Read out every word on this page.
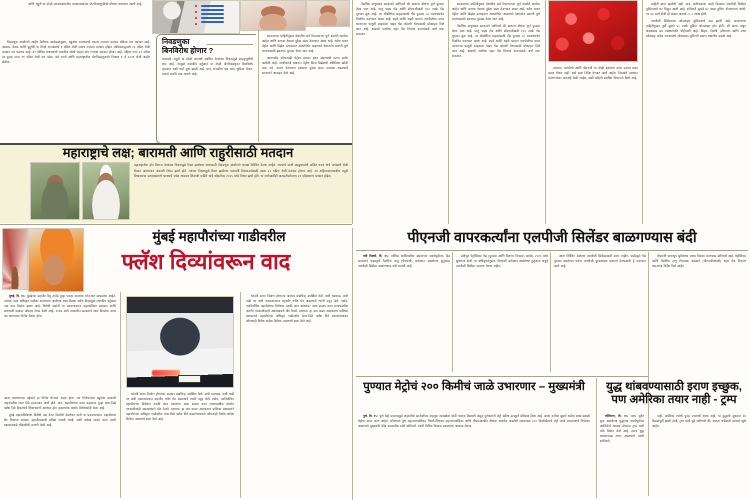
आणि राहुरी या दोन्ही मतदारसंघातील मतदारसंघांच्या पोटनिवडणुकीची घोषणा करण्यात आली आहे.

निवडणूक आयोगाने जाहीर केलेल्या कार्यक्रमानुसार, बहुतांश राज्यांमध्ये एकाच टप्प्यात मतदान प्रक्रिया पार पडणार आहे. आसाम, केरळ आणि पुद्दुचेरी या तिन्ही राज्यांमध्ये १ एप्रिल रोजी एकाच टप्प्यात मतदान होईल. तामिळनाडूमध्ये २२ एप्रिल रोजी मतदान पार पडणार आहे. तर पश्चिम बंगालमध्ये राजकीय संघर्ष पाहता दोन टप्प्यांत मतदान होणार आहे. पहिला टप्पा २२ एप्रिल तर दुसरा टप्पा २९ एप्रिल रोजी पार पडेल. सर्व राज्ये आणि महाराष्ट्रातील पोटनिवडणुकांचे निकाल ६ मे २०२६ रोजी जाहीर होतील.

निवडणुका
बिनविरोध होणार ?
बारामती, राहुरी या दोन्ही जागांशी संबंधित नेत्यांच्या निधनामुळे सहानुभूतीची लाट आहे. त्यामुळे राजकीय वर्तुळात या दोन्ही पोटनिवडणुका बिनविरोध व्हाव्यात अशी चर्चा सुरू झाली आहे. मात्र, राजकीय पक्ष काय भूमिका घेतात, याकडे सर्वांचे लक्ष लागले आहे.

सरकारच्या माहितीनुसार देशातील सर्व रिफायनऱ्या पूर्ण क्षमतेने कार्यरत आहेत आणि कच्च्या तेलाचा पुरेसा साठा ठेवण्यात आला आहे. तसेच भारत पेट्रोल आणि डिझेल उत्पादनात आत्मनिर्भर असल्याने देशांतर्गत मागणी पूर्ण करण्यासाठी इंधनाचा पुरवठा केला जात आहे.

आतापर्यंत कोणत्याही पेट्रोल पंपावर इंधन संपल्याची घटना समोर आलेली नाही. नागरिकांनी घाबरून पेट्रोल किंवा डिझेलची अतिरिक्त खरेदी करू नये, कारण देशभरात इंधनाचा पुरेसा साठा उपलब्ध असल्याचे सरकारने आवाहन केले आहे.

नैसर्गिक वायूबाबत सरकारने सांगितले की प्राधान्य क्षेत्रांना पूर्ण पुरवठा केला जात आहे. परंतु पाइप गॅस आणि सीएनजीसाठी १०० टक्के गॅस पुरवठा सुरू आहे, तर औद्योगिक ग्राहकांसाठी गॅस पुरवठा ८० टक्क्यांपर्यंत नियंत्रित करण्यात आला आहे. शहरे आणि शहरी भागात एलपीजीचा वापर करणाऱ्या घरगुती ग्राहकांना पाइप गॅस जोडणी घेण्यासाठी प्रोत्साहन दिले जात आहे. यासाठी नागरिक शहर गॅस वितरण कंपन्यांकडे अर्ज करू शकतात.

सरकारच्या माहितीनुसार देशातील सर्व रिफायनऱ्या पूर्ण क्षमतेने कार्यरत आहेत आणि कच्च्या तेलाचा पुरेसा साठा ठेवण्यात आला आहे. तसेच भारत पेट्रोल आणि डिझेल उत्पादनात आत्मनिर्भर असल्याने देशांतर्गत मागणी पूर्ण करण्यासाठी इंधनाचा पुरवठा केला जात आहे.

नैसर्गिक वायूबाबत सरकारने सांगितले की प्राधान्य क्षेत्रांना पूर्ण पुरवठा केला जात आहे. परंतु पाइप गॅस आणि सीएनजीसाठी १०० टक्के गॅस पुरवठा सुरू आहे, तर औद्योगिक ग्राहकांसाठी गॅस पुरवठा ८० टक्क्यांपर्यंत नियंत्रित करण्यात आला आहे. शहरे आणि शहरी भागात एलपीजीचा वापर करणाऱ्या घरगुती ग्राहकांना पाइप गॅस जोडणी घेण्यासाठी प्रोत्साहन दिले जात आहे. यासाठी नागरिक शहर गॅस वितरण कंपन्यांकडे अर्ज करू शकतात.

दरम्यान, एलपीजी आणि पीएनजी या दोन्ही इंधनांचा वापर एकाच घरात करता येणार नाही, असे स्पष्ट निर्देश देण्यात आले आहेत. नियमांचे उल्लंघन करणाऱ्यांवर कारवाई केली जाईल, अशी माहिती संबंधित विभागाने दिली आहे.

माहिती प्राप्त झालेली नाही. मात्र, अलीकडच्या काही दिवसांत एलपीजी सिलेंडर बुकिंगमध्ये घट दिसून आली आहे. शनिवारी सुमारे ७८ लाख बुकिंग नोंदवण्यात आली, तर १२ मार्च रोजी ही संख्या अंदाजे ८८.८ लाख होती.

एलपीजी सिलेंडरच्या ऑनलाइन बुकिंगमध्ये वाढ झाली आहे. सरकारच्या माहितीनुसार पूर्वी सुमारे ५८ टक्के बुकिंग ऑनलाइन होत होती, जी आता वाढून जवळपास ७७ टक्क्यांपर्यंत पोहोचली आहे. बिहार, दिल्ली, हरियाणा आणि उत्तर प्रदेशसह अनेक राज्यांमध्ये ऑनलाइन बुकिंगचे प्रमाण लक्षणीय वाढले आहे.

महाराष्ट्राचे लक्ष; बारामती आणि राहुरीसाठी मतदान
महाराष्ट्रातील दोन दिग्गज नेत्यांच्या निधनामुळे रिक्त झालेल्या जागांसाठी निवडणूक आयोगाने तारखा निश्चित केल्या आहेत. राज्याचे माजी उपमुख्यमंत्री अजित पवार यांचे जानेवारी रोजी विमान अपघातात अकाली निधन झाले होते. त्यांच्या निधनामुळे रिक्त झालेल्या बारामती विधानसभेसाठी आता २२ एप्रिल रोजी मतदान होणार आहे. तर अहिल्यानगरमधील राहुरी विधानसभा मतदारसंघाचे भाजपचे ज्येष्ठ आमदार शिवाजी कर्डिले यांचे ऑक्टोबर २०२५ मध्ये निधन झाले होते. या जागेसाठीही बारामतीसोबतच २२ एप्रिललाच मतदान होईल.
मुंबई महापौरांच्या गाडीवरील
फ्लॅश दिव्यांवरून वाद

मुंबई, दि. १५: मुंबईच्या महापौर रितू तावडे पुन्हा एकदा वादाच्या भोवऱ्यात सापडल्या आहेत. त्यांच्या नव्या अधिकृत गाडीवर लावण्यात आलेल्या लाल-निळ्या फ्लॅश दिव्यांमुळे राजकीय वर्तुळात नवा वाद निर्माण झाला आहे. विरोधी पक्षांनी या प्रकरणावरून महापालिका प्रशासन आणि सत्ताधारी पक्षावर जोरदार टीका केली आहे. २०१७ मध्ये तत्कालीन सरकारने लाल दिव्यांचा वापर बंद करण्याचा निर्णय घेतला होता.

भोवती सतत निर्माण होणाऱ्या वादांवर प्रश्नचिन्ह उपस्थित केले. कधी घडचाळ, कधी गाडी तर कधी वक्तव्यांवरून महापौर चर्चेत येत असल्याचे त्यांनी नमूद केले. तसेच, नवनिर्वाचित महापौरांच्या विरोधात नक्की काय चाललंय? अशा सवाल करत भाजपमधील अंतर्गत गटबाजीवरही अप्रत्यक्षपणे बोट ठेवले. दरम्यान, हा वाद वाढत असतानाच पालिका प्रशासनाने महापौरांच्या अधिकृत गाडीवरील लाल-निळे फ्लॅश दिवे बसवण्याबाबत कोणताही विशेष आदेश दिलेला नसल्याचे स्पष्ट केले आहे.
भोवती सतत निर्माण होणाऱ्या वादांवर प्रश्नचिन्ह उपस्थित केले. कधी घडचाळ, कधी गाडी तर कधी वक्तव्यांवरून महापौर चर्चेत येत असल्याचे त्यांनी नमूद केले. तसेच, नवनिर्वाचित महापौरांच्या विरोधात नक्की काय चाललंय? अशा सवाल करत भाजपमधील अंतर्गत गटबाजीवरही अप्रत्यक्षपणे बोट ठेवले. दरम्यान, हा वाद वाढत असतानाच पालिका प्रशासनाने महापौरांच्या अधिकृत गाडीवरील लाल-निळे फ्लॅश दिवे बसवण्याबाबत कोणताही विशेष आदेश दिलेला नसल्याचे स्पष्ट केले आहे.

आता घालण्याच्या उद्देशाने हा निर्णय घेण्यात आला होता. त्या निर्णयानंतर बहुतांश सरकारी वाहनांवरील लाल दिवे हटवण्यात आले होते. मात्र, महापौरांच्या नव्या वाहनावर पुन्हा लाल-निळे फ्लॅश दिवे दिसल्याने शिष्टाचाराचे उल्लंघन होत असल्याचा आरोप विरोधकांनी केला आहे.

मुंबई महापालिकेच्या विरोधी पक्ष नेत्या किशोरी पेडणेकर यांनी या प्रकरणावरून महापौरांवर थेट निशाणा साधला. महापौरपदाची प्रतिष्ठा जपली जावी, अशी अपेक्षा व्यक्त करत त्यांनी प्रशासनाकडे चौकशीची मागणी केली आहे.

पीएनजी वापरकर्त्यांना एलपीजी सिलेंडर बाळगण्यास बंदी

नवी दिल्ली, दि. १५: पश्चिम आशियातील संकटाच्या पार्श्वभूमीवर, केंद्र सरकारने पाइपद्वारे नैसर्गिक वायू (पीएनजी) कनेक्शन असलेल्या कुटुंबांना एलपीजी सिलेंडर बाळगण्यास बंदी घातली आहे.

द्रवीभूत पेट्रोलियम गॅस (पुरवठा आणि वितरण नियमन) आदेश, २००० मध्ये सुधारणा केली. या अधिसूचनेनुसार, पीएनजी कनेक्शन असलेल्या कुटुंबांना यापुढे एलपीजी सिलेंडर वापरता येणार नाहीत.
आता निश्चित केलेल्या एलपीजी सिलेंडरसाठी करार नाहीत. पाईपद्वारे गॅस पुरवठा नसलेल्या घरांना एलपीजी पुरवठ्याला प्राधान्य देण्यासाठी हे करण्यात आले आहे.
पीएनजी पायाभूत सुविधांचा जलद विस्तार करण्यास सांगितले आहे. पेट्रोलियम आणि नैसर्गिक वायू नियामक मंडळाने (पीएनजीआरबी) शहर गॅस वितरण कंपन्यांना निर्देश दिले आहेत.
पुण्यात मेट्रोचं २०० किमीचं जाळे उभारणार – मुख्यमंत्री

पुणे, दि. १५: पुणे मेट्रो प्रकल्पामुळे शहरातील सार्वजनिक वाहतूक व्यवस्थेला मोठी चालना मिळाली असून पुणेकरांनी मेट्रो सेवेला उत्स्फूर्त प्रतिसाद दिला आहे. सध्या दररोज सुमारे अडीच लाख प्रवासी मेट्रोचा वापर करत आहेत. भविष्यात पुणे महानगरपालिका, पिंपरी-चिंचवड महानगरपालिका आणि पीएमआरडीए क्षेत्राचा समावेश असलेले जवळपास २०० किलोमीटरचे मेट्रो जाळे उभारण्याचे नियोजन असल्याचे मुख्यमंत्री देवेंद्र फडणवीस यांनी सांगितले. त्यांनी विविध विकास प्रकल्पांचा आढावा घेतला.

युद्ध थांबवण्यासाठी इराण इच्छुक, पण अमेरिका तयार नाही - ट्रम्प

वॉशिंग्टन, दि. १५: मध्य पूर्वेत सुरू असलेल्या युद्धाच्या पार्श्वभूमीवर अमेरिकेचे अध्यक्ष डोनाल्ड ट्रम्प यांनी मोठे विधान केले आहे. इराण युद्ध थांबवण्यास तयार असल्याचे त्यांनी सांगितले.

नाही. अमेरिका त्यांची पुन्हा उभारणी शक्य नाही. या युद्धाची सुरुवात २६ दिवसांपूर्वी झाली होती. ट्रम्प यांनी पुढे सांगितले की, शांतता चर्चेसाठी दरवाजे खुले आहेत.
